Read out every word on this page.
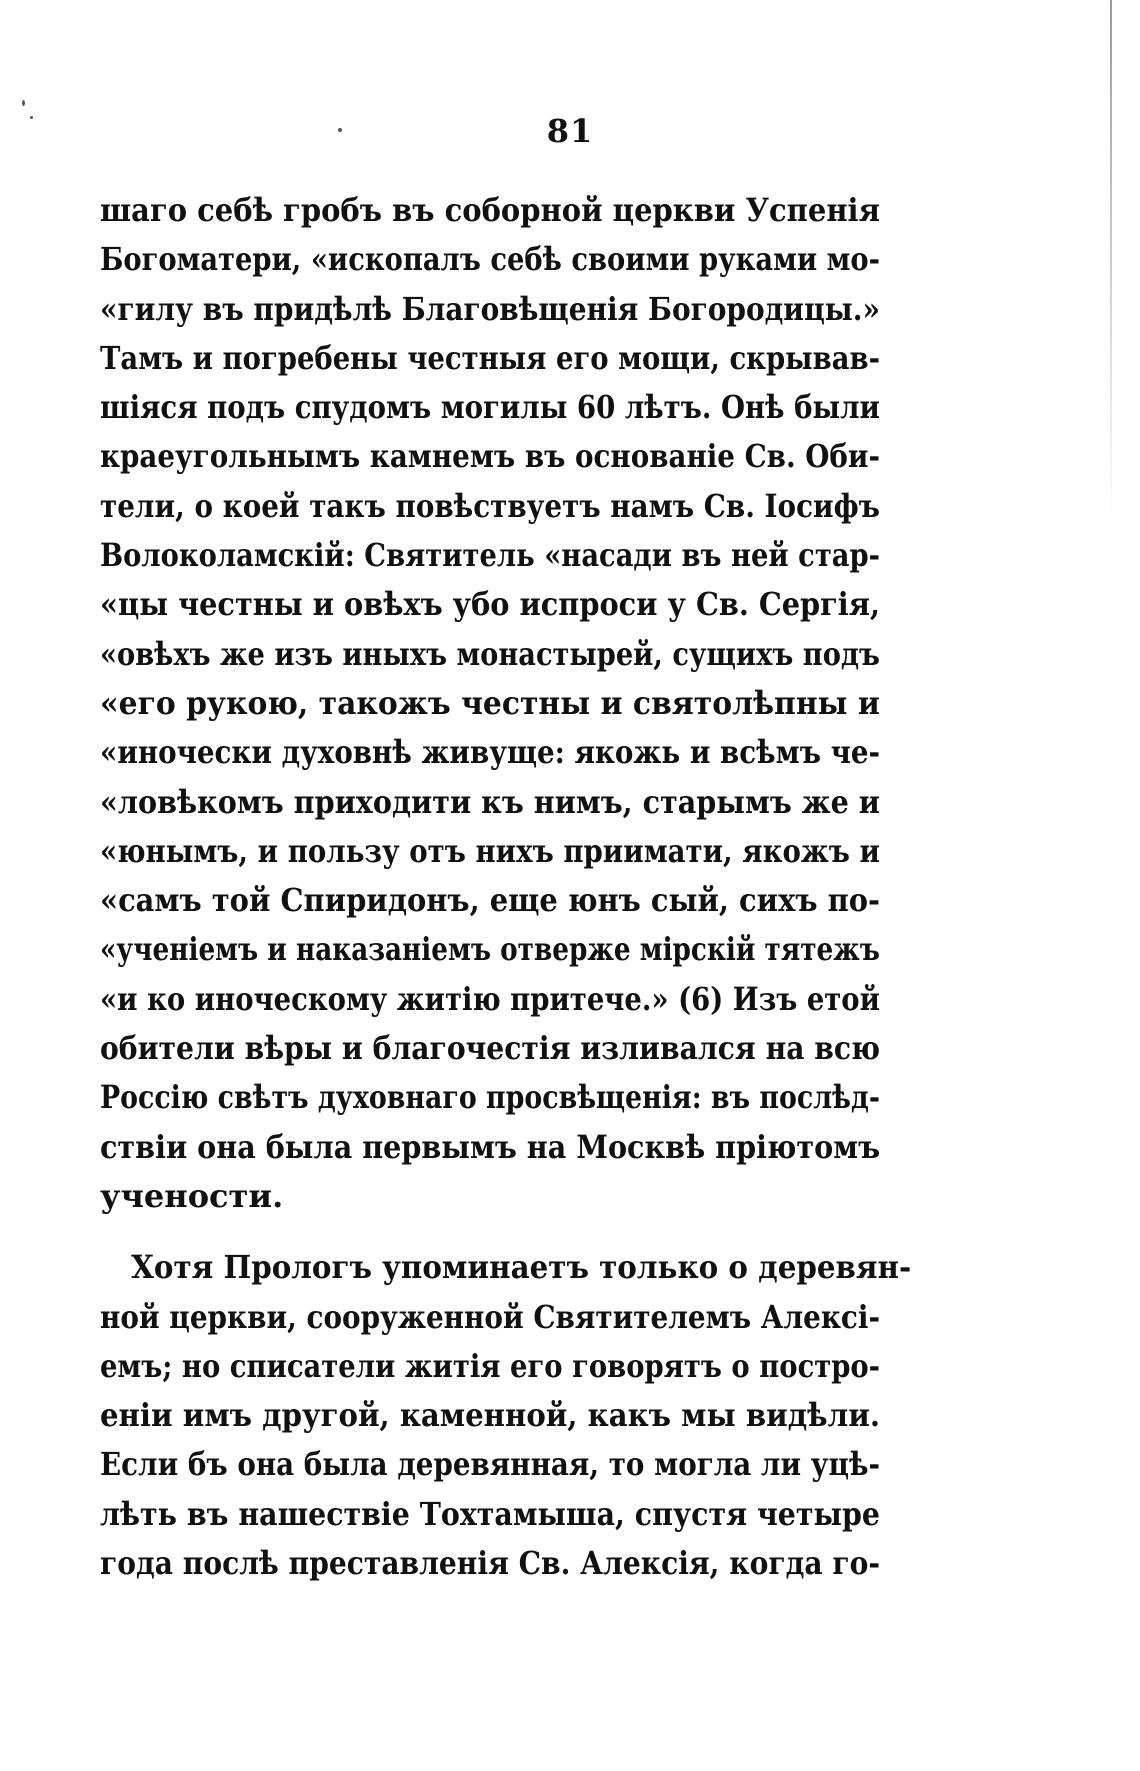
81
шаго себѣ гробъ въ соборной церкви Успенія
Богоматери, «ископалъ себѣ своими руками мо-
«гилу въ придѣлѣ Благовѣщенія Богородицы.»
Тамъ и погребены честныя его мощи, скрывав-
шіяся подъ спудомъ могилы 60 лѣтъ. Онѣ были
краеугольнымъ камнемъ въ основаніе Св. Оби-
тели, о коей такъ повѣствуетъ намъ Св. Іосифъ
Волоколамскій: Святитель «насади въ ней стар-
«цы честны и овѣхъ убо испроси у Св. Сергія,
«овѣхъ же изъ иныхъ монастырей, сущихъ подъ
«его рукою, такожъ честны и святолѣпны и
«иночески духовнѣ живуще: якожь и всѣмъ че-
«ловѣкомъ приходити къ нимъ, старымъ же и
«юнымъ, и пользу отъ нихъ приимати, якожъ и
«самъ той Спиридонъ, еще юнъ сый, сихъ по-
«ученіемъ и наказаніемъ отверже мірскій тятежъ
«и ко иноческому житію притече.» (6) Изъ етой
обители вѣры и благочестія изливался на всю
Россію свѣтъ духовнаго просвѣщенія: въ послѣд-
ствіи она была первымъ на Москвѣ пріютомъ
учености.
Хотя Прологъ упоминаетъ только о деревян-
ной церкви, сооруженной Святителемъ Алексі-
емъ; но списатели житія его говорятъ о постро-
еніи имъ другой, каменной, какъ мы видѣли.
Если бъ она была деревянная, то могла ли уцѣ-
лѣть въ нашествіе Тохтамыша, спустя четыре
года послѣ преставленія Св. Алексія, когда го-
